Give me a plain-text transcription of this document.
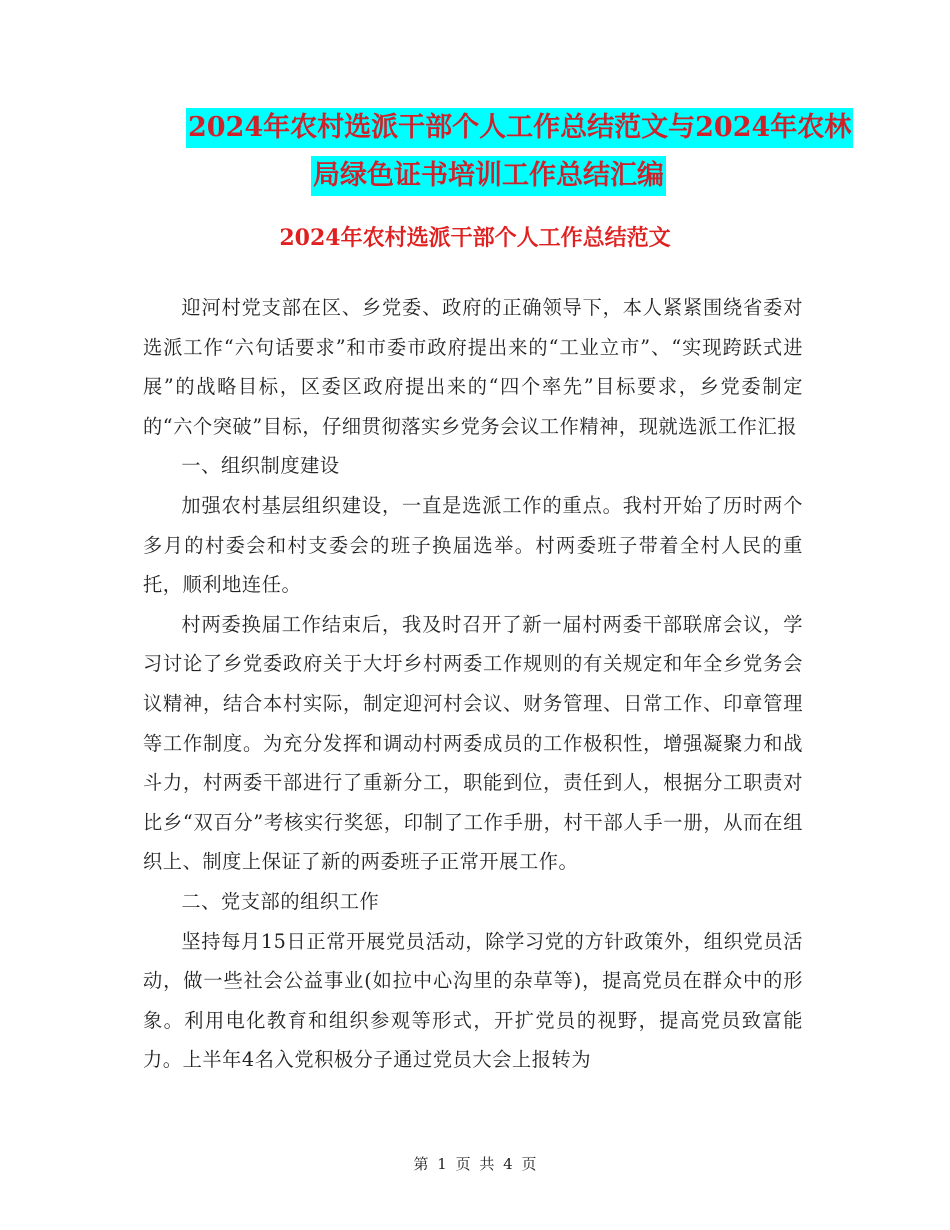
2024年农村选派干部个人工作总结范文与2024年农林
局绿色证书培训工作总结汇编
2024年农村选派干部个人工作总结范文

迎河村党支部在区、乡党委、政府的正确领导下，本人紧紧围绕省委对选派工作“六句话要求”和市委市政府提出来的“工业立市”、“实现跨跃式进展”的战略目标，区委区政府提出来的“四个率先”目标要求，乡党委制定的“六个突破”目标，仔细贯彻落实乡党务会议工作精神，现就选派工作汇报

一、组织制度建设

加强农村基层组织建设，一直是选派工作的重点。我村开始了历时两个多月的村委会和村支委会的班子换届选举。村两委班子带着全村人民的重托，顺利地连任。

村两委换届工作结束后，我及时召开了新一届村两委干部联席会议，学习讨论了乡党委政府关于大圩乡村两委工作规则的有关规定和年全乡党务会议精神，结合本村实际，制定迎河村会议、财务管理、日常工作、印章管理等工作制度。为充分发挥和调动村两委成员的工作极积性，增强凝聚力和战斗力，村两委干部进行了重新分工，职能到位，责任到人，根据分工职责对比乡“双百分”考核实行奖惩，印制了工作手册，村干部人手一册，从而在组织上、制度上保证了新的两委班子正常开展工作。

二、党支部的组织工作

坚持每月15日正常开展党员活动，除学习党的方针政策外，组织党员活动，做一些社会公益事业(如拉中心沟里的杂草等)，提高党员在群众中的形象。利用电化教育和组织参观等形式，开扩党员的视野，提高党员致富能力。上半年4名入党积极分子通过党员大会上报转为

第 1 页 共 4 页
